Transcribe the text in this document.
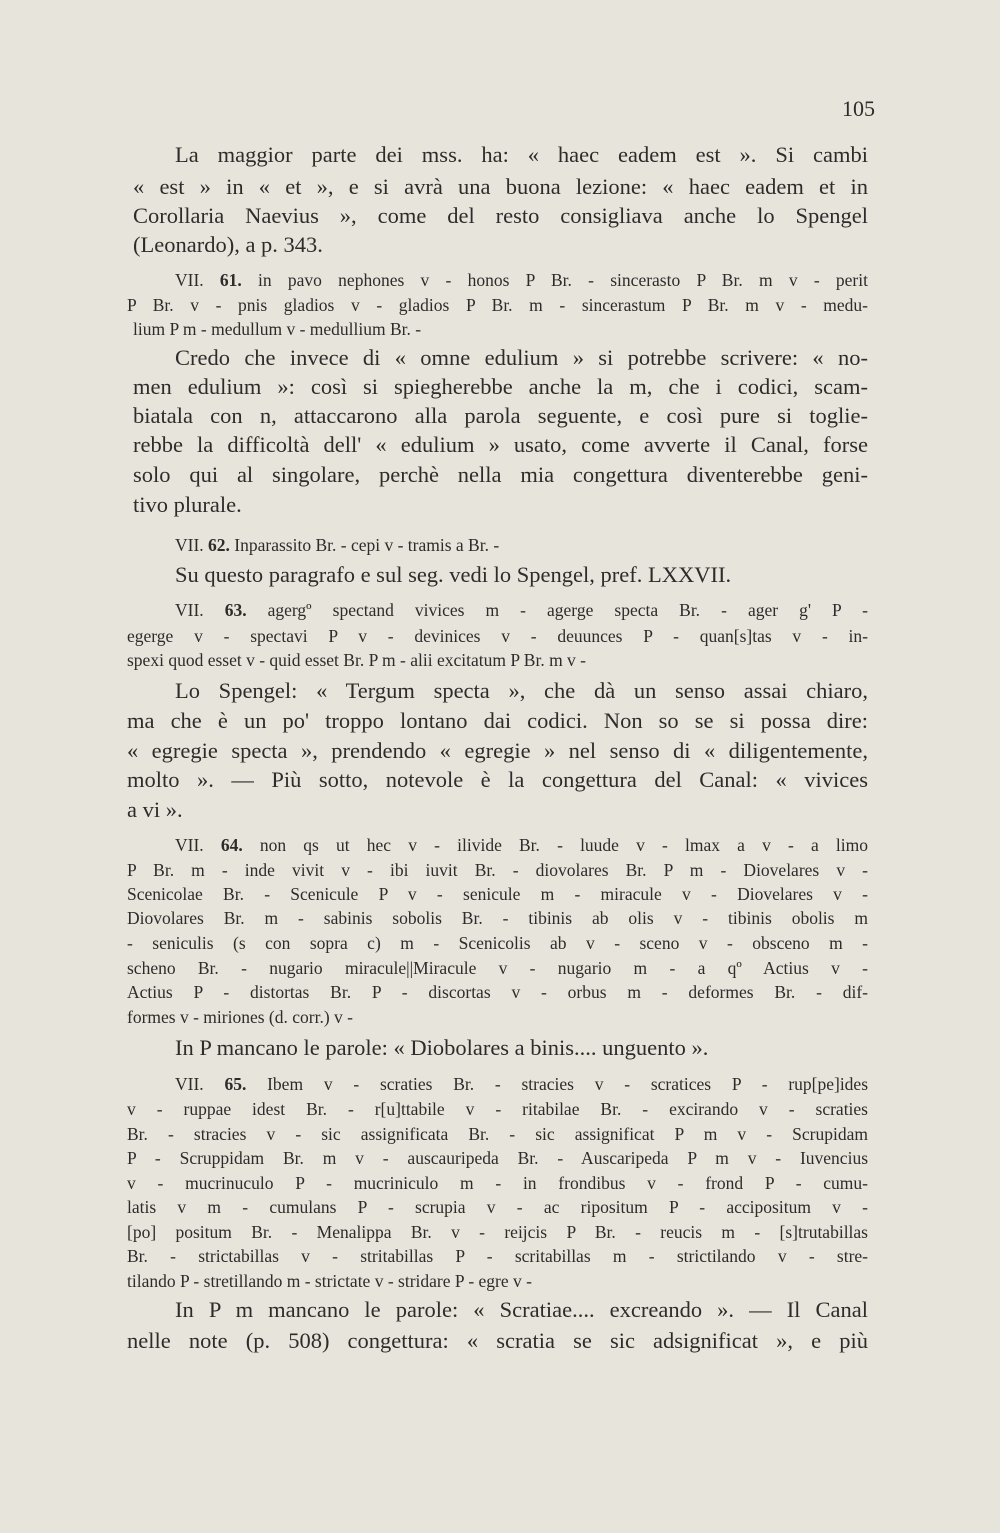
105
La maggior parte dei mss. ha: « haec eadem est ». Si cambi
« est » in « et », e si avrà una buona lezione: « haec eadem et in
Corollaria Naevius », come del resto consigliava anche lo Spengel
(Leonardo), a p. 343.
VII. 61. in pavo nephones v - honos P Br. - sincerasto P Br. m v - perit
P Br. v - pnis gladios v - gladios P Br. m - sincerastum P Br. m v - medu-
lium P m - medullum v - medullium Br. -
Credo che invece di « omne edulium » si potrebbe scrivere: « no-
men edulium »: così si spiegherebbe anche la m, che i codici, scam-
biatala con n, attaccarono alla parola seguente, e così pure si toglie-
rebbe la difficoltà dell' « edulium » usato, come avverte il Canal, forse
solo qui al singolare, perchè nella mia congettura diventerebbe geni-
tivo plurale.
VII. 62. Inparassito Br. - cepi v - tramis a Br. -
Su questo paragrafo e sul seg. vedi lo Spengel, pref. LXXVII.
VII. 63. agergº spectand vivices m - agerge specta Br. - ager g' P -
egerge v - spectavi P v - devinices v - deuunces P - quan[s]tas v - in-
spexi quod esset v - quid esset Br. P m - alii excitatum P Br. m v -
Lo Spengel: « Tergum specta », che dà un senso assai chiaro,
ma che è un po' troppo lontano dai codici. Non so se si possa dire:
« egregie specta », prendendo « egregie » nel senso di « diligentemente,
molto ». — Più sotto, notevole è la congettura del Canal: « vivices
a vi ».
VII. 64. non qs ut hec v - ilivide Br. - luude v - lmax a v - a limo
P Br. m - inde vivit v - ibi iuvit Br. - diovolares Br. P m - Diovelares v -
Scenicolae Br. - Scenicule P v - senicule m - miracule v - Diovelares v -
Diovolares Br. m - sabinis sobolis Br. - tibinis ab olis v - tibinis obolis m
- seniculis (s con sopra c) m - Scenicolis ab v - sceno v - obsceno m -
scheno Br. - nugario miracule||Miracule v - nugario m - a qº Actius v -
Actius P - distortas Br. P - discortas v - orbus m - deformes Br. - dif-
formes v - miriones (d. corr.) v -
In P mancano le parole: « Diobolares a binis.... unguento ».
VII. 65. Ibem v - scraties Br. - stracies v - scratices P - rup[pe]ides
v - ruppae idest Br. - r[u]ttabile v - ritabilae Br. - excirando v - scraties
Br. - stracies v - sic assignificata Br. - sic assignificat P m v - Scrupidam
P - Scruppidam Br. m v - auscauripeda Br. - Auscaripeda P m v - Iuvencius
v - mucrinuculo P - mucriniculo m - in frondibus v - frond P - cumu-
latis v m - cumulans P - scrupia v - ac ripositum P - accipositum v -
[po] positum Br. - Menalippa Br. v - reijcis P Br. - reucis m - [s]trutabillas
Br. - strictabillas v - stritabillas P - scritabillas m - strictilando v - stre-
tilando P - stretillando m - strictate v - stridare P - egre v -
In P m mancano le parole: « Scratiae.... excreando ». — Il Canal
nelle note (p. 508) congettura: « scratia se sic adsignificat », e più
